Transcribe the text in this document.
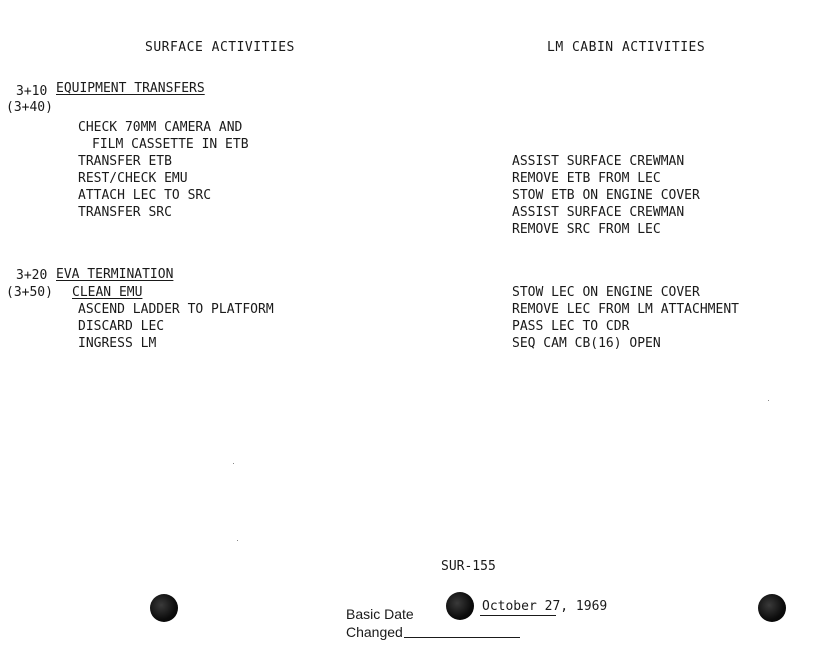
SURFACE ACTIVITIES	LM CABIN ACTIVITIES
3+10
(3+40)
EQUIPMENT TRANSFERS
CHECK 70MM CAMERA AND
FILM CASSETTE IN ETB
TRANSFER ETB
REST/CHECK EMU
ATTACH LEC TO SRC
TRANSFER SRC
ASSIST SURFACE CREWMAN
REMOVE ETB FROM LEC
STOW ETB ON ENGINE COVER
ASSIST SURFACE CREWMAN
REMOVE SRC FROM LEC
3+20
(3+50)
EVA TERMINATION
CLEAN EMU
ASCEND LADDER TO PLATFORM
DISCARD LEC
INGRESS LM
STOW LEC ON ENGINE COVER
REMOVE LEC FROM LM ATTACHMENT
PASS LEC TO CDR
SEQ CAM CB(16) OPEN
SUR-155
Basic Date	October 27, 1969
Changed
